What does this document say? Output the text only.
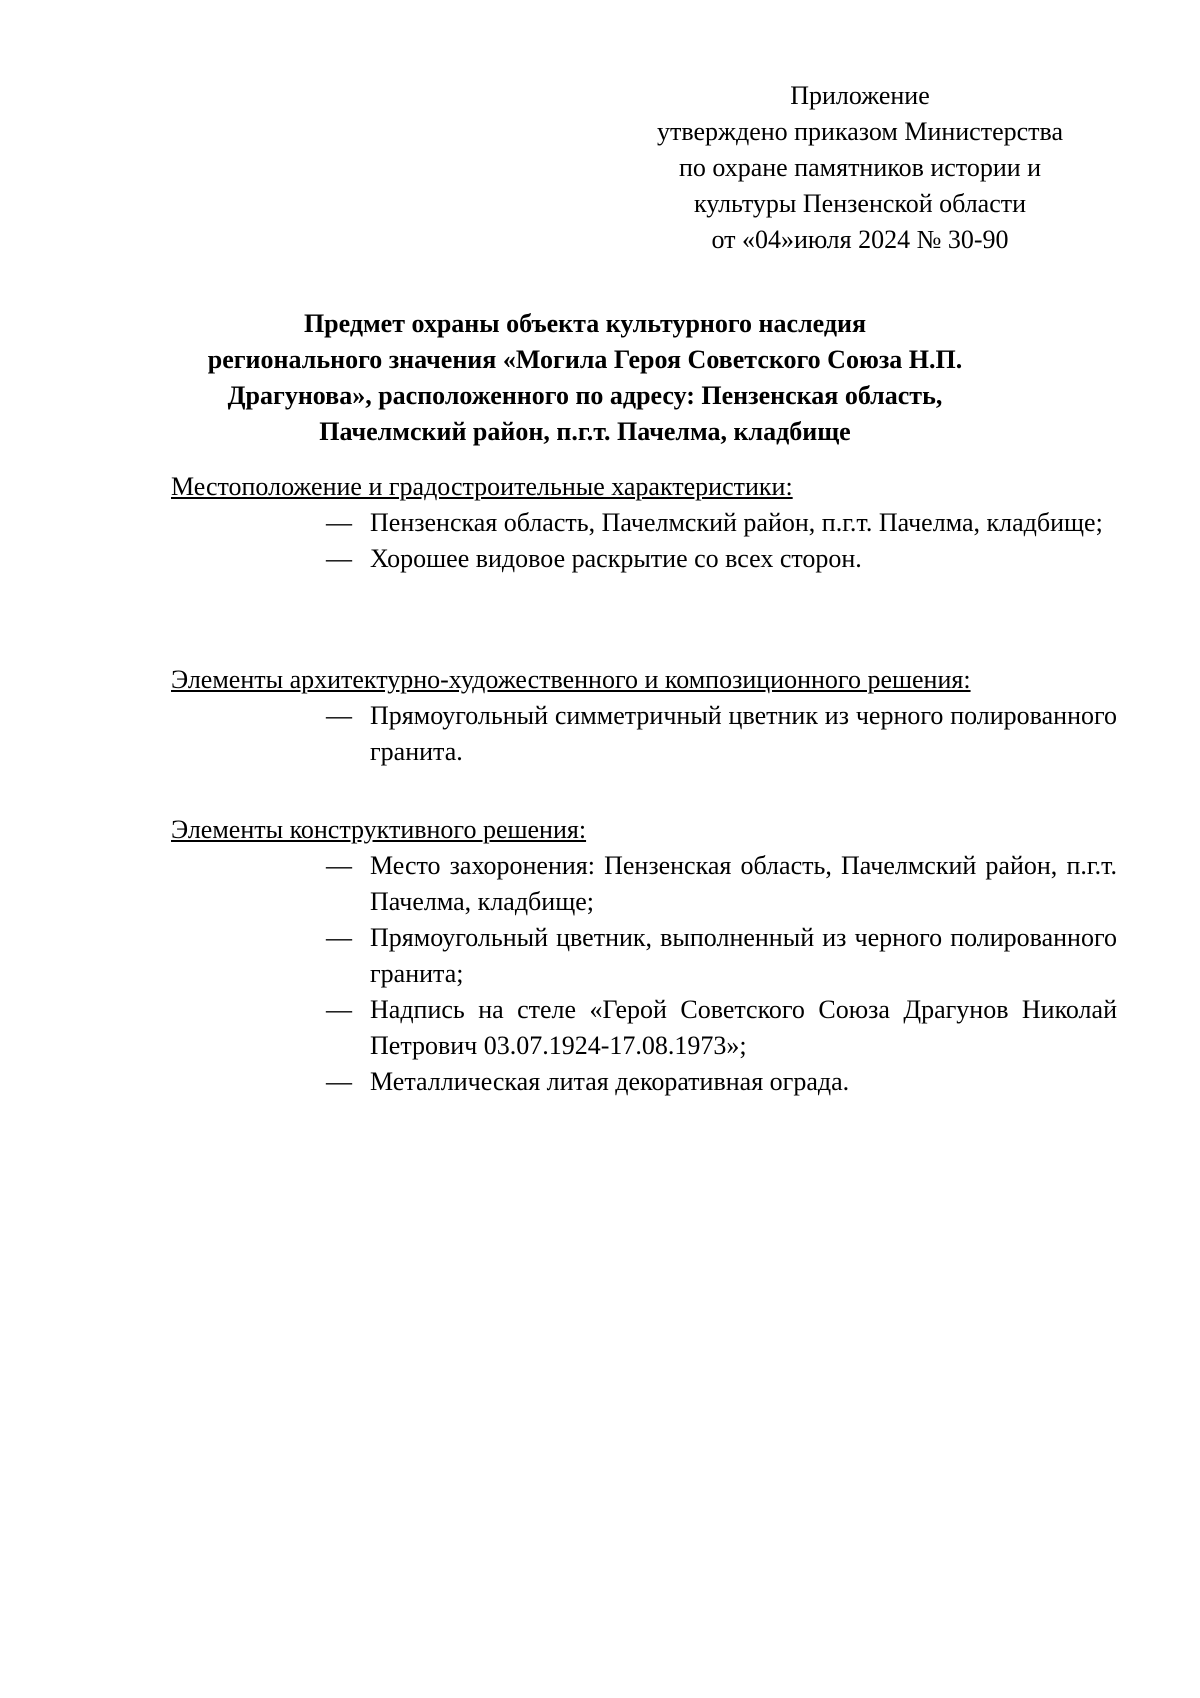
Приложение
утверждено приказом Министерства
по охране памятников истории и
культуры Пензенской области
от «04»июля 2024 № 30-90
Предмет охраны объекта культурного наследия
регионального значения «Могила Героя Советского Союза Н.П.
Драгунова», расположенного по адресу: Пензенская область,
Пачелмский район, п.г.т. Пачелма, кладбище
Местоположение и градостроительные характеристики:
— Пензенская область, Пачелмский район, п.г.т. Пачелма, кладбище;
— Хорошее видовое раскрытие со всех сторон.
Элементы архитектурно-художественного и композиционного решения:
— Прямоугольный симметричный цветник из черного полированного гранита.
Элементы конструктивного решения:
— Место захоронения: Пензенская область, Пачелмский район, п.г.т. Пачелма, кладбище;
— Прямоугольный цветник, выполненный из черного полированного гранита;
— Надпись на стеле «Герой Советского Союза Драгунов Николай Петрович 03.07.1924-17.08.1973»;
— Металлическая литая декоративная ограда.
